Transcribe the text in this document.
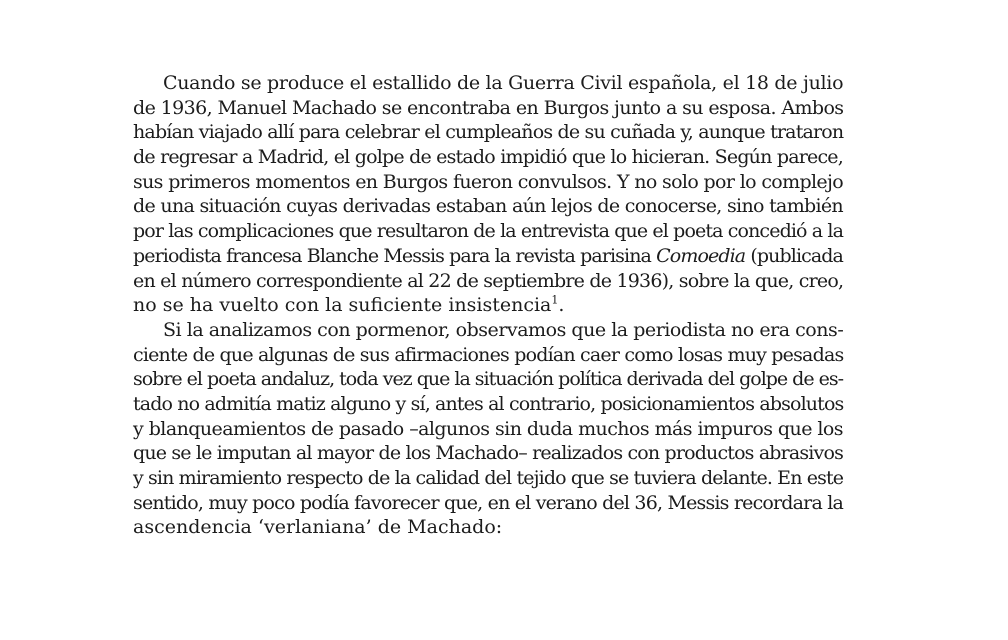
Cuando se produce el estallido de la Guerra Civil española, el 18 de julio
de 1936, Manuel Machado se encontraba en Burgos junto a su esposa. Ambos
habían viajado allí para celebrar el cumpleaños de su cuñada y, aunque trataron
de regresar a Madrid, el golpe de estado impidió que lo hicieran. Según parece,
sus primeros momentos en Burgos fueron convulsos. Y no solo por lo complejo
de una situación cuyas derivadas estaban aún lejos de conocerse, sino también
por las complicaciones que resultaron de la entrevista que el poeta concedió a la
periodista francesa Blanche Messis para la revista parisina Comoedia (publicada
en el número correspondiente al 22 de septiembre de 1936), sobre la que, creo,
no se ha vuelto con la suficiente insistencia$^1$.
Si la analizamos con pormenor, observamos que la periodista no era cons-
ciente de que algunas de sus afirmaciones podían caer como losas muy pesadas
sobre el poeta andaluz, toda vez que la situación política derivada del golpe de es-
tado no admitía matiz alguno y sí, antes al contrario, posicionamientos absolutos
y blanqueamientos de pasado –algunos sin duda muchos más impuros que los
que se le imputan al mayor de los Machado– realizados con productos abrasivos
y sin miramiento respecto de la calidad del tejido que se tuviera delante. En este
sentido, muy poco podía favorecer que, en el verano del 36, Messis recordara la
ascendencia ‘verlaniana’ de Machado:
